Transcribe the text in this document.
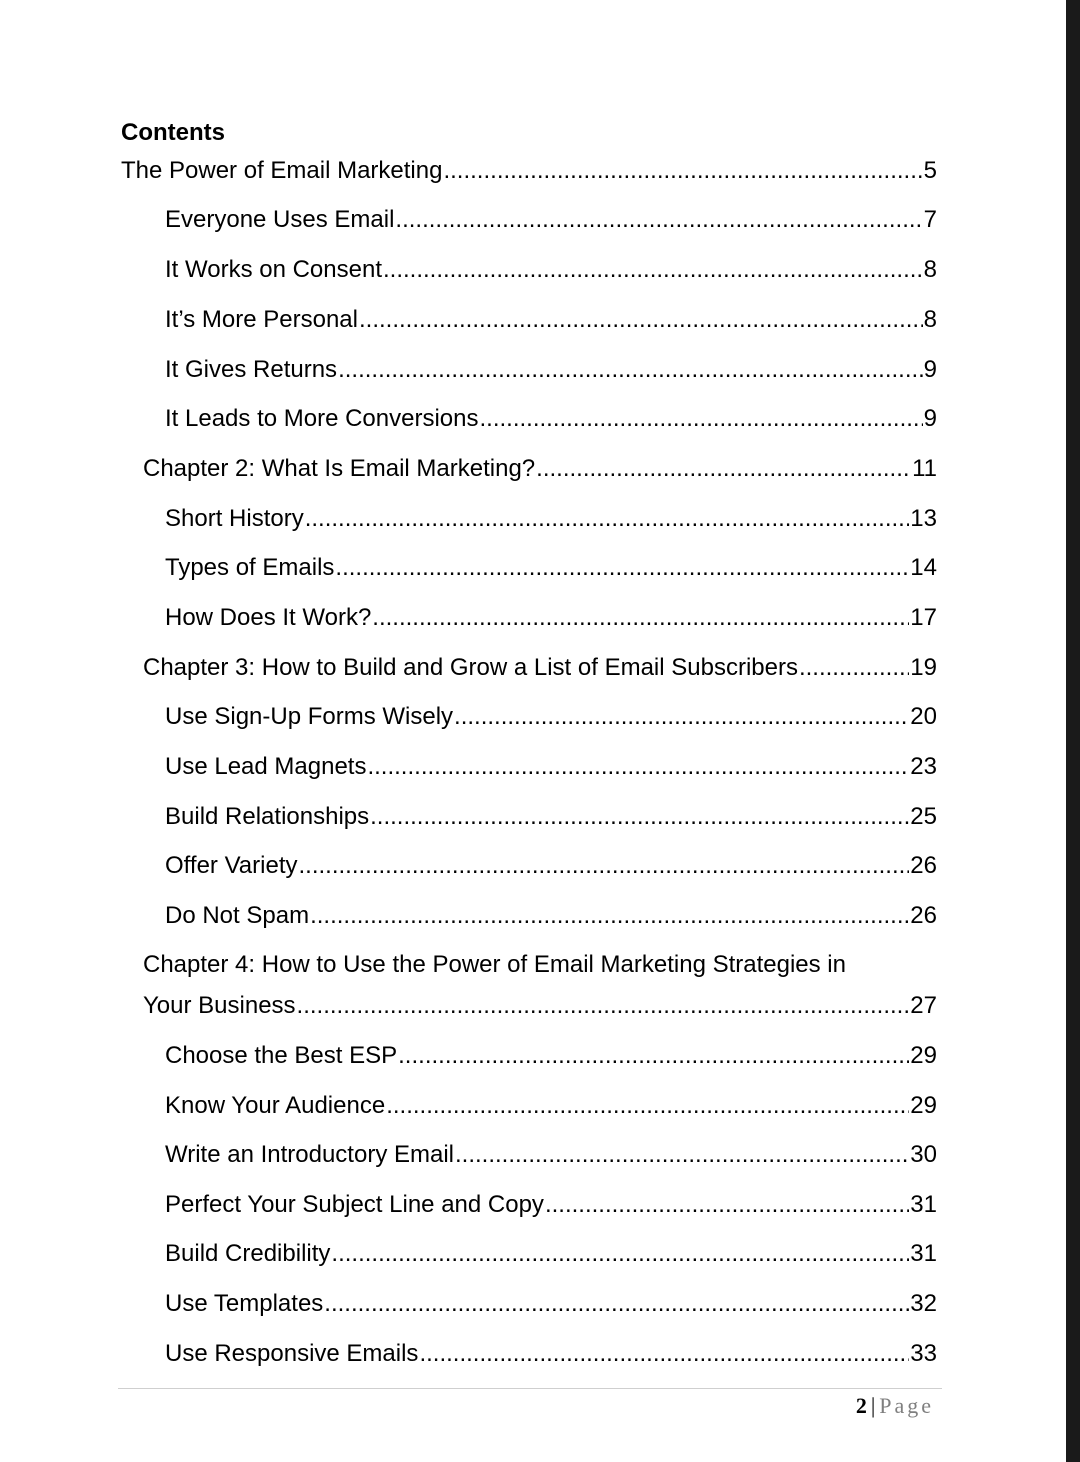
Contents
The Power of Email Marketing .....	5
Everyone Uses Email .....	7
It Works on Consent .....	8
It’s More Personal .....	8
It Gives Returns .....	9
It Leads to More Conversions .....	9
Chapter 2: What Is Email Marketing? .....	11
Short History .....	13
Types of Emails .....	14
How Does It Work? .....	17
Chapter 3: How to Build and Grow a List of Email Subscribers .....	19
Use Sign-Up Forms Wisely .....	20
Use Lead Magnets .....	23
Build Relationships .....	25
Offer Variety .....	26
Do Not Spam .....	26
Chapter 4: How to Use the Power of Email Marketing Strategies in
Your Business .....	27
Choose the Best ESP .....	29
Know Your Audience .....	29
Write an Introductory Email .....	30
Perfect Your Subject Line and Copy .....	31
Build Credibility .....	31
Use Templates .....	32
Use Responsive Emails .....	33
2 | Page
